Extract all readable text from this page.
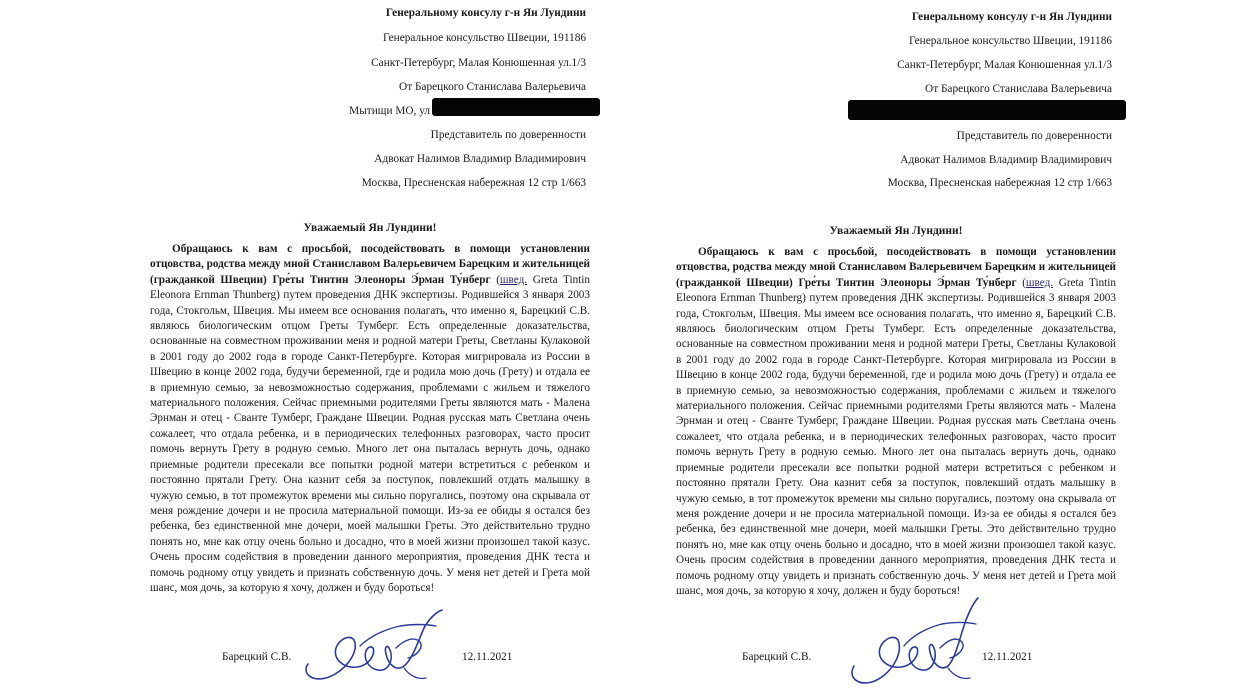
Генеральному консулу г-н Ян Лундини
Генеральное консульство Швеции, 191186
Санкт-Петербург, Малая Конюшенная ул.1/3
От Барецкого Станислава Валерьевича
Мытищи МО, ул
Представитель по доверенности
Адвокат Налимов Владимир Владимирович
Москва, Пресненская набережная 12 стр 1/663
Уважаемый Ян Лундини!

Обращаюсь к вам с просьбой, посодействовать в помощи установлении отцовства, родства между мной Станиславом Валерьевичем Барецким и жительницей (гражданкой Швеции) Гре́ты Тинтин Элеоноры Э́рман Ту́нберг (швед. Greta Tintin Eleonora Ernman Thunberg) путем проведения ДНК экспертизы. Родившейся 3 января 2003 года, Стокгольм, Швеция. Мы имеем все основания полагать, что именно я, Барецкий С.В. являюсь биологическим отцом Греты Тумберг. Есть определенные доказательства, основанные на совместном проживании меня и родной матери Греты, Светланы Кулаковой в 2001 году до 2002 года в городе Санкт-Петербурге. Которая мигрировала из России в Швецию в конце 2002 года, будучи беременной, где и родила мою дочь (Грету) и отдала ее в приемную семью, за невозможностью содержания, проблемами с жильем и тяжелого материального положения. Сейчас приемными родителями Греты являются мать - Малена Эрнман и отец - Сванте Тумберг, Граждане Швеции. Родная русская мать Светлана очень сожалеет, что отдала ребенка, и в периодических телефонных разговорах, часто просит помочь вернуть Грету в родную семью. Много лет она пыталась вернуть дочь, однако приемные родители пресекали все попытки родной матери встретиться с ребенком и постоянно прятали Грету. Она казнит себя за поступок, повлекший отдать малышку в чужую семью, в тот промежуток времени мы сильно поругались, поэтому она скрывала от меня рождение дочери и не просила материальной помощи. Из-за ее обиды я остался без ребенка, без единственной мне дочери, моей малышки Греты. Это действительно трудно понять но, мне как отцу очень больно и досадно, что в моей жизни произошел такой казус. Очень просим содействия в проведении данного мероприятия, проведения ДНК теста и помочь родному отцу увидеть и признать собственную дочь. У меня нет детей и Грета мой шанс, моя дочь, за которую я хочу, должен и буду бороться!

Барецкий С.В.	12.11.2021
Генеральному консулу г-н Ян Лундини
Генеральное консульство Швеции, 191186
Санкт-Петербург, Малая Конюшенная ул.1/3
От Барецкого Станислава Валерьевича
Представитель по доверенности
Адвокат Налимов Владимир Владимирович
Москва, Пресненская набережная 12 стр 1/663
Уважаемый Ян Лундини!

Обращаюсь к вам с просьбой, посодействовать в помощи установлении отцовства, родства между мной Станиславом Валерьевичем Барецким и жительницей (гражданкой Швеции) Гре́ты Тинтин Элеоноры Э́рман Ту́нберг (швед. Greta Tintin Eleonora Ernman Thunberg) путем проведения ДНК экспертизы. Родившейся 3 января 2003 года, Стокгольм, Швеция. Мы имеем все основания полагать, что именно я, Барецкий С.В. являюсь биологическим отцом Греты Тумберг. Есть определенные доказательства, основанные на совместном проживании меня и родной матери Греты, Светланы Кулаковой в 2001 году до 2002 года в городе Санкт-Петербурге. Которая мигрировала из России в Швецию в конце 2002 года, будучи беременной, где и родила мою дочь (Грету) и отдала ее в приемную семью, за невозможностью содержания, проблемами с жильем и тяжелого материального положения. Сейчас приемными родителями Греты являются мать - Малена Эрнман и отец - Сванте Тумберг, Граждане Швеции. Родная русская мать Светлана очень сожалеет, что отдала ребенка, и в периодических телефонных разговорах, часто просит помочь вернуть Грету в родную семью. Много лет она пыталась вернуть дочь, однако приемные родители пресекали все попытки родной матери встретиться с ребенком и постоянно прятали Грету. Она казнит себя за поступок, повлекший отдать малышку в чужую семью, в тот промежуток времени мы сильно поругались, поэтому она скрывала от меня рождение дочери и не просила материальной помощи. Из-за ее обиды я остался без ребенка, без единственной мне дочери, моей малышки Греты. Это действительно трудно понять но, мне как отцу очень больно и досадно, что в моей жизни произошел такой казус. Очень просим содействия в проведении данного мероприятия, проведения ДНК теста и помочь родному отцу увидеть и признать собственную дочь. У меня нет детей и Грета мой шанс, моя дочь, за которую я хочу, должен и буду бороться!

Барецкий С.В.	12.11.2021
